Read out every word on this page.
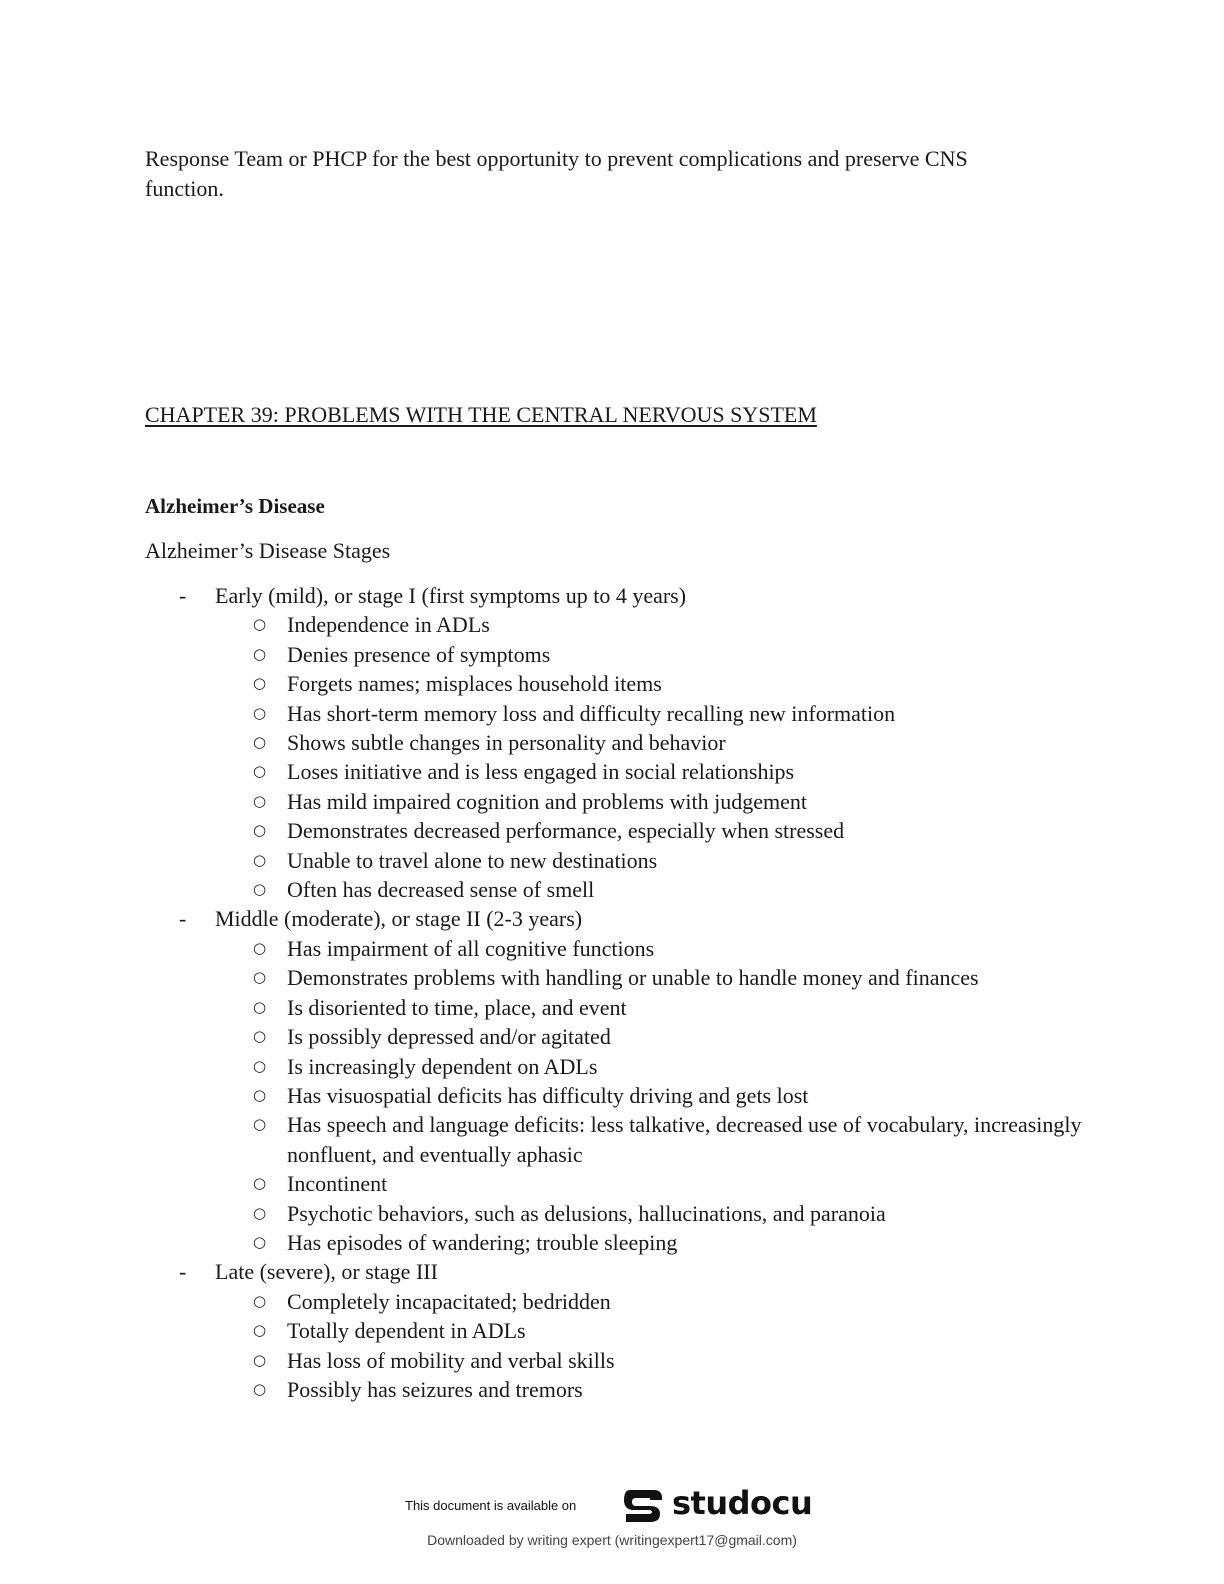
Response Team or PHCP for the best opportunity to prevent complications and preserve CNS function.

CHAPTER 39: PROBLEMS WITH THE CENTRAL NERVOUS SYSTEM
Alzheimer’s Disease

Alzheimer’s Disease Stages

- Early (mild), or stage I (first symptoms up to 4 years)
○ Independence in ADLs
○ Denies presence of symptoms
○ Forgets names; misplaces household items
○ Has short-term memory loss and difficulty recalling new information
○ Shows subtle changes in personality and behavior
○ Loses initiative and is less engaged in social relationships
○ Has mild impaired cognition and problems with judgement
○ Demonstrates decreased performance, especially when stressed
○ Unable to travel alone to new destinations
○ Often has decreased sense of smell
- Middle (moderate), or stage II (2-3 years)
○ Has impairment of all cognitive functions
○ Demonstrates problems with handling or unable to handle money and finances
○ Is disoriented to time, place, and event
○ Is possibly depressed and/or agitated
○ Is increasingly dependent on ADLs
○ Has visuospatial deficits has difficulty driving and gets lost
○ Has speech and language deficits: less talkative, decreased use of vocabulary, increasingly nonfluent, and eventually aphasic
○ Incontinent
○ Psychotic behaviors, such as delusions, hallucinations, and paranoia
○ Has episodes of wandering; trouble sleeping
- Late (severe), or stage III
○ Completely incapacitated; bedridden
○ Totally dependent in ADLs
○ Has loss of mobility and verbal skills
○ Possibly has seizures and tremors
This document is available on	studocu
Downloaded by writing expert (writingexpert17@gmail.com)
